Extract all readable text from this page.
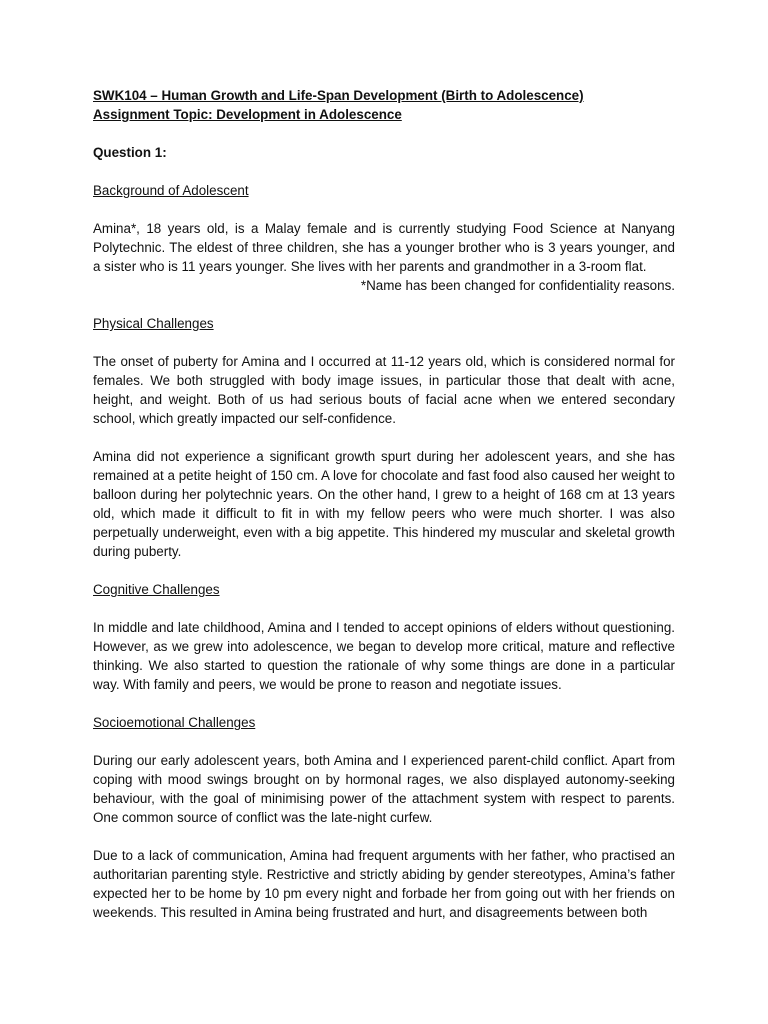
SWK104 – Human Growth and Life-Span Development (Birth to Adolescence)
Assignment Topic: Development in Adolescence
Question 1:
Background of Adolescent

Amina*, 18 years old, is a Malay female and is currently studying Food Science at Nanyang Polytechnic. The eldest of three children, she has a younger brother who is 3 years younger, and a sister who is 11 years younger. She lives with her parents and grandmother in a 3-room flat.

*Name has been changed for confidentiality reasons.
Physical Challenges

The onset of puberty for Amina and I occurred at 11-12 years old, which is considered normal for females. We both struggled with body image issues, in particular those that dealt with acne, height, and weight. Both of us had serious bouts of facial acne when we entered secondary school, which greatly impacted our self-confidence.

Amina did not experience a significant growth spurt during her adolescent years, and she has remained at a petite height of 150 cm. A love for chocolate and fast food also caused her weight to balloon during her polytechnic years. On the other hand, I grew to a height of 168 cm at 13 years old, which made it difficult to fit in with my fellow peers who were much shorter. I was also perpetually underweight, even with a big appetite. This hindered my muscular and skeletal growth during puberty.

Cognitive Challenges

In middle and late childhood, Amina and I tended to accept opinions of elders without questioning. However, as we grew into adolescence, we began to develop more critical, mature and reflective thinking. We also started to question the rationale of why some things are done in a particular way. With family and peers, we would be prone to reason and negotiate issues.

Socioemotional Challenges

During our early adolescent years, both Amina and I experienced parent-child conflict. Apart from coping with mood swings brought on by hormonal rages, we also displayed autonomy-seeking behaviour, with the goal of minimising power of the attachment system with respect to parents. One common source of conflict was the late-night curfew.

Due to a lack of communication, Amina had frequent arguments with her father, who practised an authoritarian parenting style. Restrictive and strictly abiding by gender stereotypes, Amina’s father expected her to be home by 10 pm every night and forbade her from going out with her friends on weekends. This resulted in Amina being frustrated and hurt, and disagreements between both
